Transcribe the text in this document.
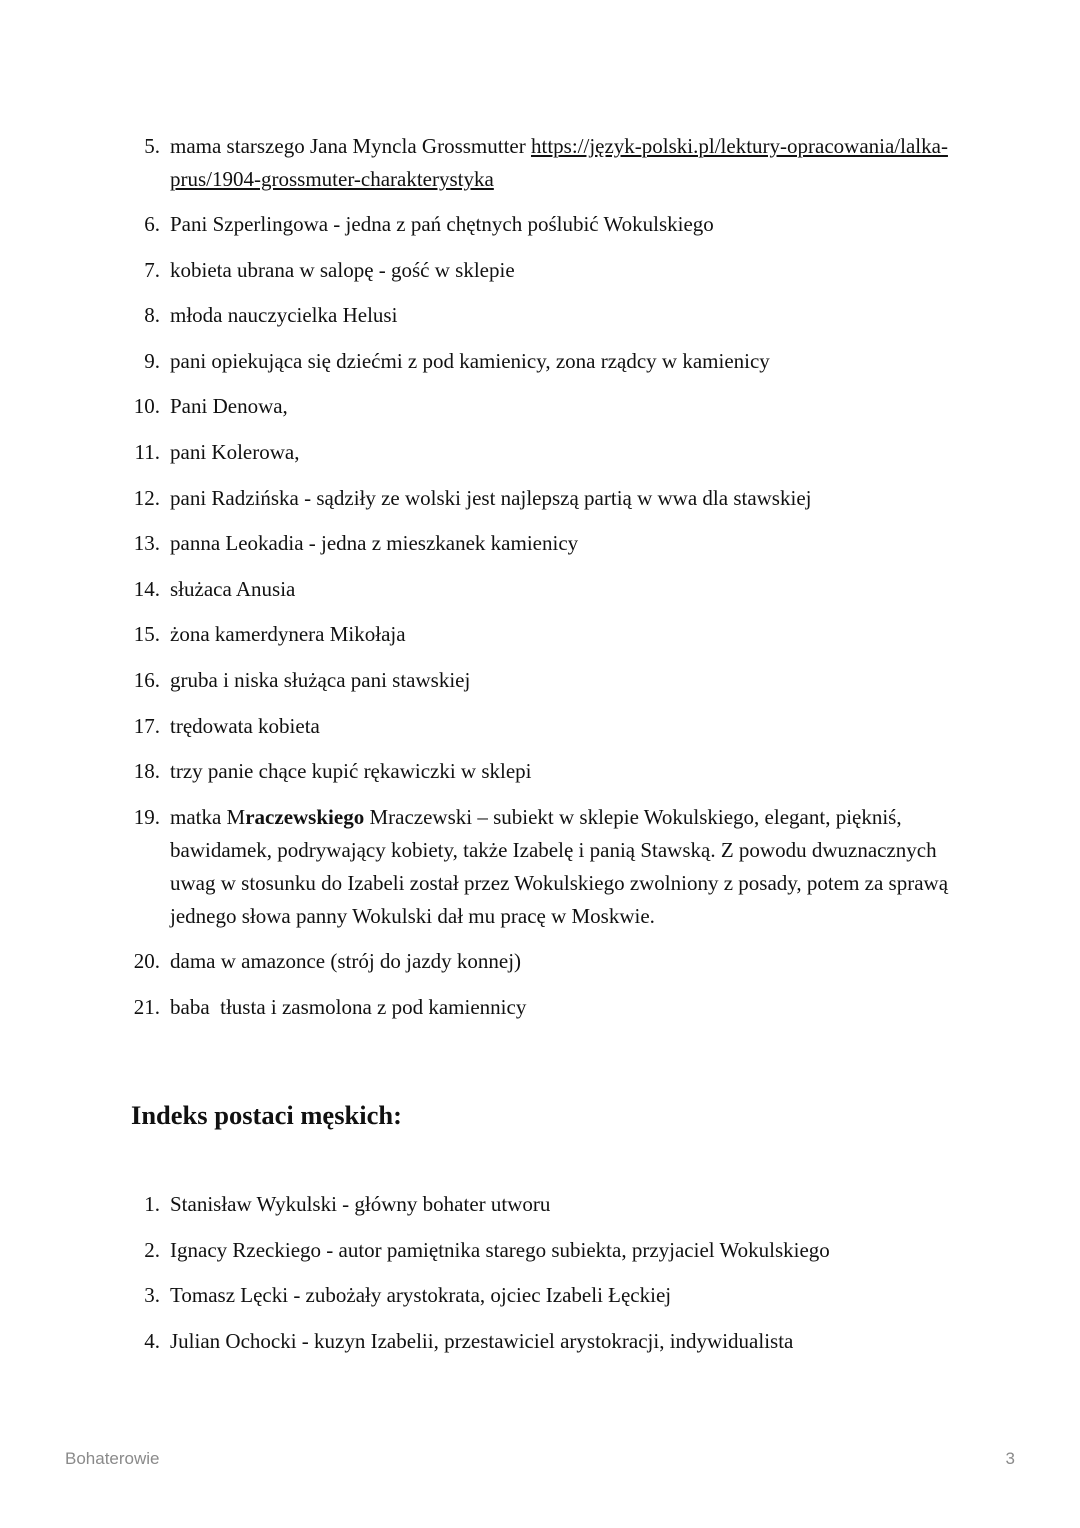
5. mama starszego Jana Myncla Grossmutter https://język-polski.pl/lektury-opracowania/lalka-prus/1904-grossmuter-charakterystyka
6. Pani Szperlingowa - jedna z pań chętnych poślubić Wokulskiego
7. kobieta ubrana w salopę - gość w sklepie
8. młoda nauczycielka Helusi
9. pani opiekująca się dziećmi z pod kamienicy, zona rządcy w kamienicy
10. Pani Denowa,
11. pani Kolerowa,
12. pani Radzińska - sądziły ze wolski jest najlepszą partią w wwa dla stawskiej
13. panna Leokadia - jedna z mieszkanek kamienicy
14. służaca Anusia
15. żona kamerdynera Mikołaja
16. gruba i niska służąca pani stawskiej
17. trędowata kobieta
18. trzy panie chące kupić rękawiczki w sklepi
19. matka Mraczewskiego Mraczewski – subiekt w sklepie Wokulskiego, elegant, piękniś, bawidamek, podrywający kobiety, także Izabelę i panią Stawską. Z powodu dwuznacznych uwag w stosunku do Izabeli został przez Wokulskiego zwolniony z posady, potem za sprawą jednego słowa panny Wokulski dał mu pracę w Moskwie.
20. dama w amazonce (strój do jazdy konnej)
21. baba  tłusta i zasmolona z pod kamiennicy
Indeks postaci męskich:
1. Stanisław Wykulski - główny bohater utworu
2. Ignacy Rzeckiego - autor pamiętnika starego subiekta, przyjaciel Wokulskiego
3. Tomasz Lęcki - zubożały arystokrata, ojciec Izabeli Łęckiej
4. Julian Ochocki - kuzyn Izabelii, przestawiciel arystokracji, indywidualista
Bohaterowie	3
